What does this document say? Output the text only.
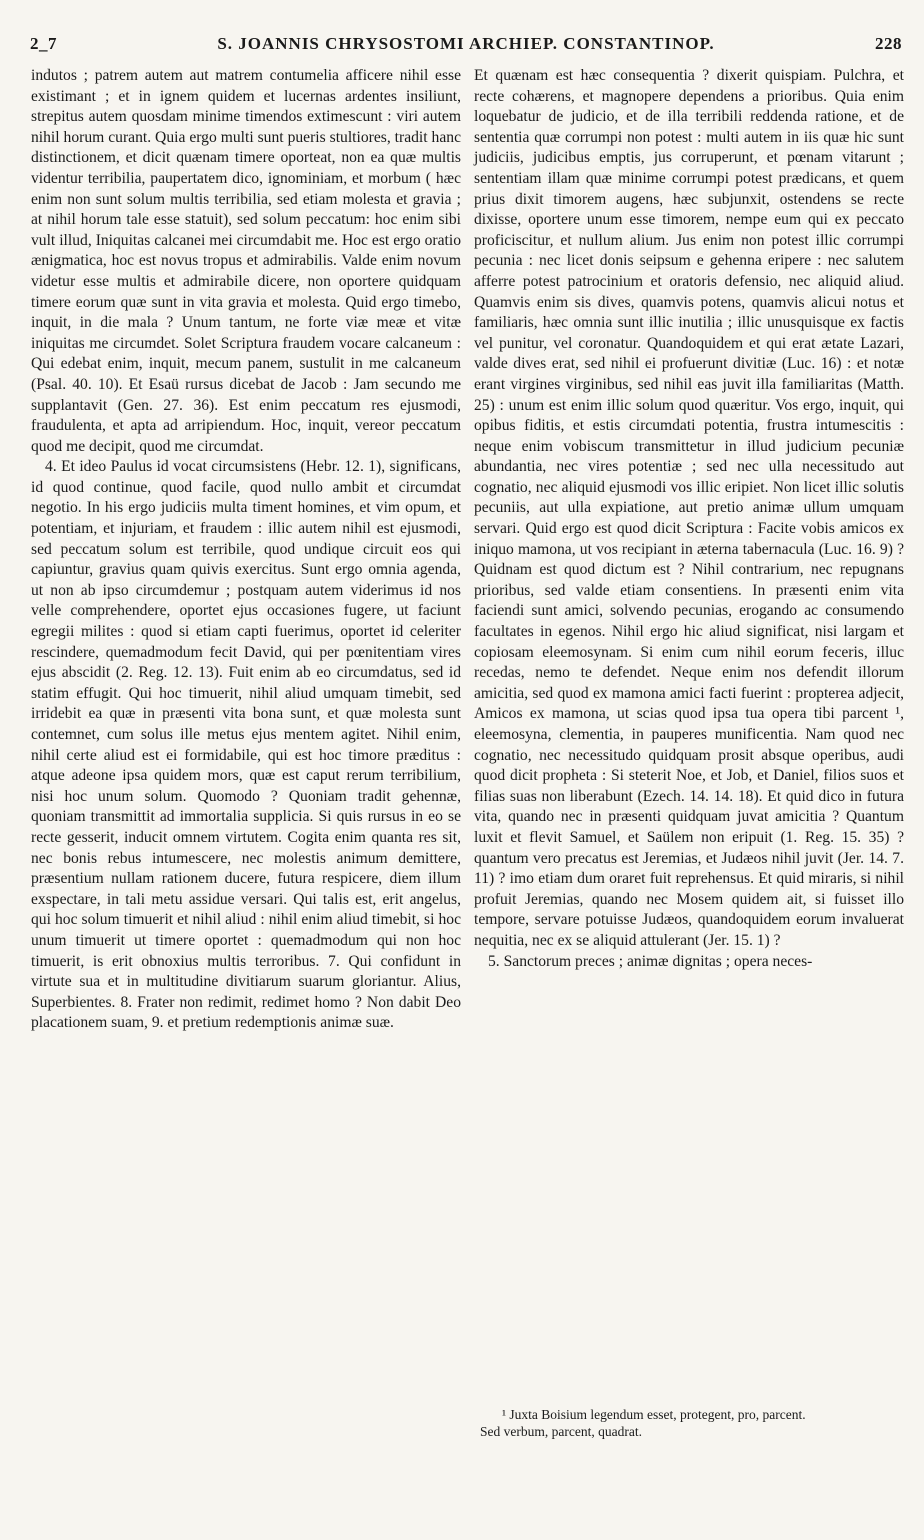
2_7	S. JOANNIS CHRYSOSTOMI ARCHIEP. CONSTANTINOP.	228

indutos ; patrem autem aut matrem contumelia afficere nihil esse existimant ; et in ignem quidem et lucernas ardentes insiliunt, strepitus autem quosdam minime timendos extimescunt : viri autem nihil horum curant. Quia ergo multi sunt pueris stultiores, tradit hanc distinctionem, et dicit quænam timere oporteat, non ea quæ multis videntur terribilia, paupertatem dico, ignominiam, et morbum ( hæc enim non sunt solum multis terribilia, sed etiam molesta et gravia ; at nihil horum tale esse statuit), sed solum peccatum: hoc enim sibi vult illud, Iniquitas calcanei mei circumdabit me. Hoc est ergo oratio ænigmatica, hoc est novus tropus et admirabilis. Valde enim novum videtur esse multis et admirabile dicere, non oportere quidquam timere eorum quæ sunt in vita gravia et molesta. Quid ergo timebo, inquit, in die mala ? Unum tantum, ne forte viæ meæ et vitæ iniquitas me circumdet. Solet Scriptura fraudem vocare calcaneum : Qui edebat enim, inquit, mecum panem, sustulit in me calcaneum (Psal. 40. 10). Et Esaü rursus dicebat de Jacob : Jam secundo me supplantavit (Gen. 27. 36). Est enim peccatum res ejusmodi, fraudulenta, et apta ad arripiendum. Hoc, inquit, vereor peccatum quod me decipit, quod me circumdat.

4. Et ideo Paulus id vocat circumsistens (Hebr. 12. 1), significans, id quod continue, quod facile, quod nullo ambit et circumdat negotio. In his ergo judiciis multa timent homines, et vim opum, et potentiam, et injuriam, et fraudem : illic autem nihil est ejusmodi, sed peccatum solum est terribile, quod undique circuit eos qui capiuntur, gravius quam quivis exercitus. Sunt ergo omnia agenda, ut non ab ipso circumdemur ; postquam autem viderimus id nos velle comprehendere, oportet ejus occasiones fugere, ut faciunt egregii milites : quod si etiam capti fuerimus, oportet id celeriter rescindere, quemadmodum fecit David, qui per pœnitentiam vires ejus abscidit (2. Reg. 12. 13). Fuit enim ab eo circumdatus, sed id statim effugit. Qui hoc timuerit, nihil aliud umquam timebit, sed irridebit ea quæ in præsenti vita bona sunt, et quæ molesta sunt contemnet, cum solus ille metus ejus mentem agitet. Nihil enim, nihil certe aliud est ei formidabile, qui est hoc timore præditus : atque adeone ipsa quidem mors, quæ est caput rerum terribilium, nisi hoc unum solum. Quomodo ? Quoniam tradit gehennæ, quoniam transmittit ad immortalia supplicia. Si quis rursus in eo se recte gesserit, inducit omnem virtutem. Cogita enim quanta res sit, nec bonis rebus intumescere, nec molestis animum demittere, præsentium nullam rationem ducere, futura respicere, diem illum exspectare, in tali metu assidue versari. Qui talis est, erit angelus, qui hoc solum timuerit et nihil aliud : nihil enim aliud timebit, si hoc unum timuerit ut timere oportet : quemadmodum qui non hoc timuerit, is erit obnoxius multis terroribus. 7. Qui confidunt in virtute sua et in multitudine divitiarum suarum gloriantur. Alius, Superbientes. 8. Frater non redimit, redimet homo ? Non dabit Deo placationem suam, 9. et pretium redemptionis animæ suæ.

Et quænam est hæc consequentia ? dixerit quispiam. Pulchra, et recte cohærens, et magnopere dependens a prioribus. Quia enim loquebatur de judicio, et de illa terribili reddenda ratione, et de sententia quæ corrumpi non potest : multi autem in iis quæ hic sunt judiciis, judicibus emptis, jus corruperunt, et pœnam vitarunt ; sententiam illam quæ minime corrumpi potest prædicans, et quem prius dixit timorem augens, hæc subjunxit, ostendens se recte dixisse, oportere unum esse timorem, nempe eum qui ex peccato proficiscitur, et nullum alium. Jus enim non potest illic corrumpi pecunia : nec licet donis seipsum e gehenna eripere : nec salutem afferre potest patrocinium et oratoris defensio, nec aliquid aliud. Quamvis enim sis dives, quamvis potens, quamvis alicui notus et familiaris, hæc omnia sunt illic inutilia ; illic unusquisque ex factis vel punitur, vel coronatur. Quandoquidem et qui erat ætate Lazari, valde dives erat, sed nihil ei profuerunt divitiæ (Luc. 16) : et notæ erant virgines virginibus, sed nihil eas juvit illa familiaritas (Matth. 25) : unum est enim illic solum quod quæritur. Vos ergo, inquit, qui opibus fiditis, et estis circumdati potentia, frustra intumescitis : neque enim vobiscum transmittetur in illud judicium pecuniæ abundantia, nec vires potentiæ ; sed nec ulla necessitudo aut cognatio, nec aliquid ejusmodi vos illic eripiet. Non licet illic solutis pecuniis, aut ulla expiatione, aut pretio animæ ullum umquam servari. Quid ergo est quod dicit Scriptura : Facite vobis amicos ex iniquo mamona, ut vos recipiant in æterna tabernacula (Luc. 16. 9) ? Quidnam est quod dictum est ? Nihil contrarium, nec repugnans prioribus, sed valde etiam consentiens. In præsenti enim vita faciendi sunt amici, solvendo pecunias, erogando ac consumendo facultates in egenos. Nihil ergo hic aliud significat, nisi largam et copiosam eleemosynam. Si enim cum nihil eorum feceris, illuc recedas, nemo te defendet. Neque enim nos defendit illorum amicitia, sed quod ex mamona amici facti fuerint : propterea adjecit, Amicos ex mamona, ut scias quod ipsa tua opera tibi parcent ¹, eleemosyna, clementia, in pauperes munificentia. Nam quod nec cognatio, nec necessitudo quidquam prosit absque operibus, audi quod dicit propheta : Si steterit Noe, et Job, et Daniel, filios suos et filias suas non liberabunt (Ezech. 14. 14. 18). Et quid dico in futura vita, quando nec in præsenti quidquam juvat amicitia ? Quantum luxit et flevit Samuel, et Saülem non eripuit (1. Reg. 15. 35) ? quantum vero precatus est Jeremias, et Judæos nihil juvit (Jer. 14. 7. 11) ? imo etiam dum oraret fuit reprehensus. Et quid miraris, si nihil profuit Jeremias, quando nec Mosem quidem ait, si fuisset illo tempore, servare potuisse Judæos, quandoquidem eorum invaluerat nequitia, nec ex se aliquid attulerant (Jer. 15. 1) ?

5. Sanctorum preces ; animæ dignitas ; opera neces-

¹ Juxta Boisium legendum esset, protegent, pro, parcent.

Sed verbum, parcent, quadrat.
